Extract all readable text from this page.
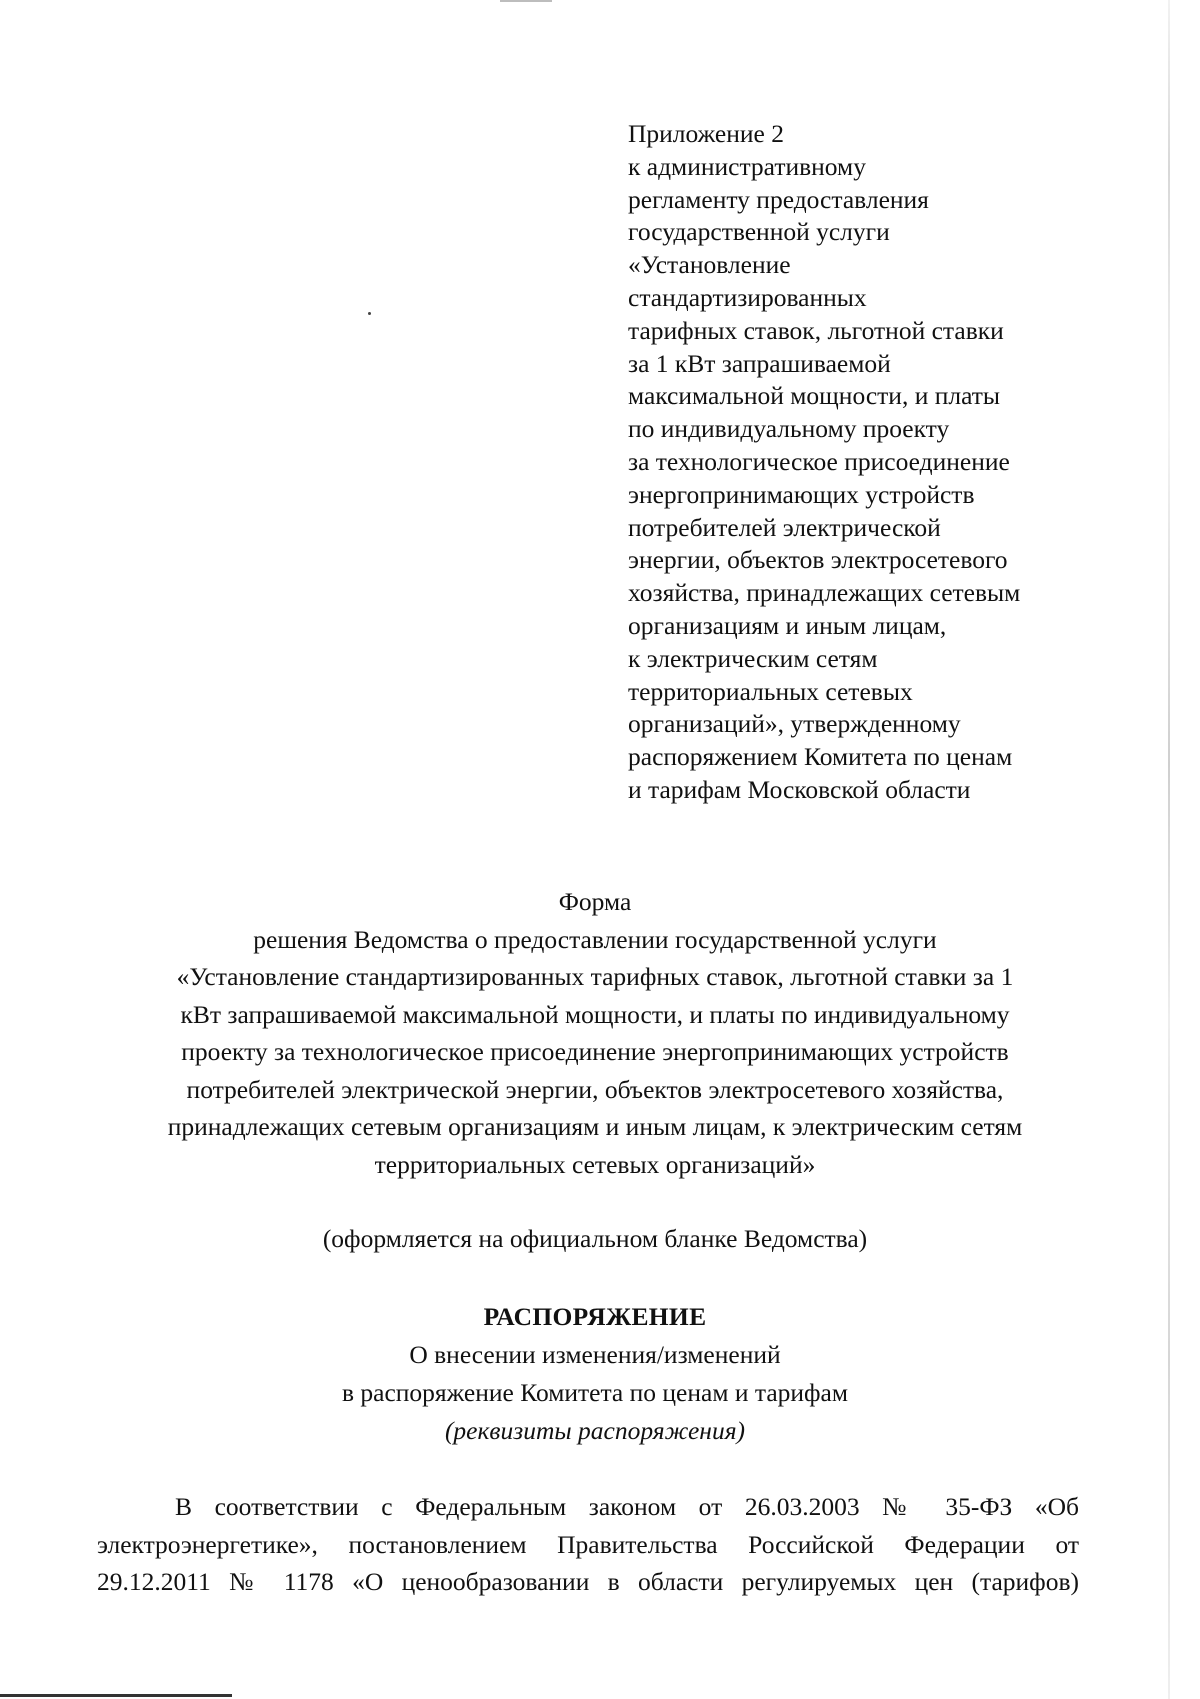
Приложение 2
к административному
регламенту предоставления
государственной услуги
«Установление
стандартизированных
тарифных ставок, льготной ставки
за 1 кВт запрашиваемой
максимальной мощности, и платы
по индивидуальному проекту
за технологическое присоединение
энергопринимающих устройств
потребителей электрической
энергии, объектов электросетевого
хозяйства, принадлежащих сетевым
организациям и иным лицам,
к электрическим сетям
территориальных сетевых
организаций», утвержденному
распоряжением Комитета по ценам
и тарифам Московской области
Форма
решения Ведомства о предоставлении государственной услуги
«Установление стандартизированных тарифных ставок, льготной ставки за 1
кВт запрашиваемой максимальной мощности, и платы по индивидуальному
проекту за технологическое присоединение энергопринимающих устройств
потребителей электрической энергии, объектов электросетевого хозяйства,
принадлежащих сетевым организациям и иным лицам, к электрическим сетям
территориальных сетевых организаций»
(оформляется на официальном бланке Ведомства)
РАСПОРЯЖЕНИЕ
О внесении изменения/изменений
в распоряжение Комитета по ценам и тарифам
(реквизиты распоряжения)
В соответствии с Федеральным законом от 26.03.2003 № 35-ФЗ «Об
электроэнергетике», постановлением Правительства Российской Федерации от
29.12.2011 № 1178 «О ценообразовании в области регулируемых цен (тарифов)
